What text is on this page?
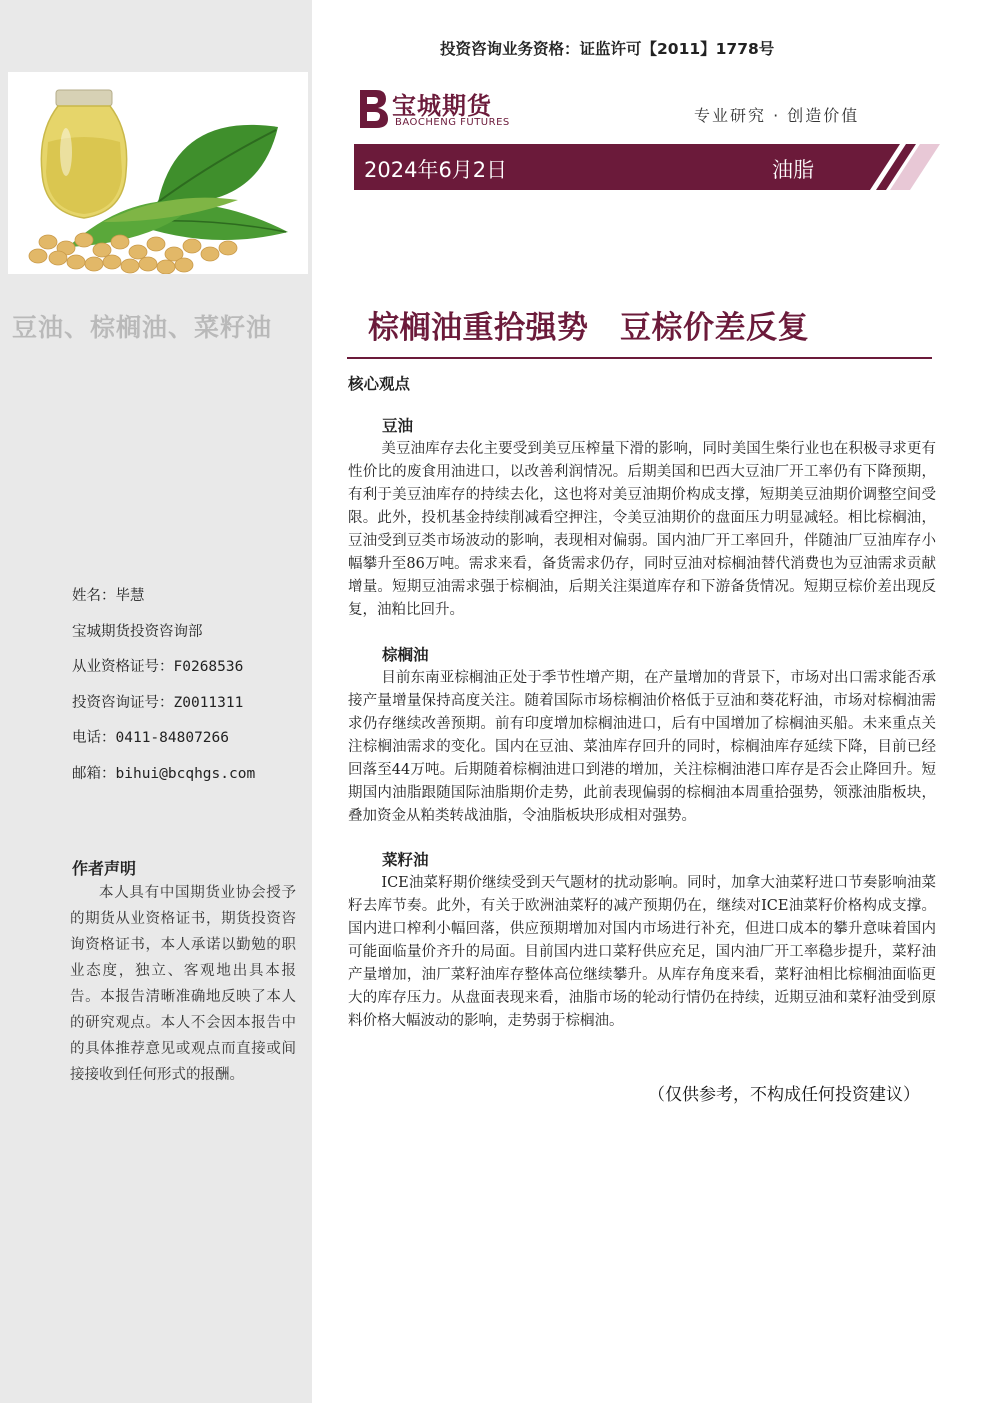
豆油、棕榈油、菜籽油
姓名：毕慧
宝城期货投资咨询部
从业资格证号：F0268536
投资咨询证号：Z0011311
电话：0411-84807266
邮箱：bihui@bcqhgs.com
作者声明
本人具有中国期货业协会授予的期货从业资格证书，期货投资咨询资格证书，本人承诺以勤勉的职业态度，独立、客观地出具本报告。本报告清晰准确地反映了本人的研究观点。本人不会因本报告中的具体推荐意见或观点而直接或间接接收到任何形式的报酬。
投资咨询业务资格：证监许可【2011】1778号
宝城期货
BAOCHENG FUTURES	专业研究 · 创造价值
2024年6月2日	油脂
棕榈油重拾强势　豆棕价差反复
核心观点
豆油
美豆油库存去化主要受到美豆压榨量下滑的影响，同时美国生柴行业也在积极寻求更有性价比的废食用油进口，以改善利润情况。后期美国和巴西大豆油厂开工率仍有下降预期，有利于美豆油库存的持续去化，这也将对美豆油期价构成支撑，短期美豆油期价调整空间受限。此外，投机基金持续削减看空押注，令美豆油期价的盘面压力明显减轻。相比棕榈油，豆油受到豆类市场波动的影响，表现相对偏弱。国内油厂开工率回升，伴随油厂豆油库存小幅攀升至86万吨。需求来看，备货需求仍存，同时豆油对棕榈油替代消费也为豆油需求贡献增量。短期豆油需求强于棕榈油，后期关注渠道库存和下游备货情况。短期豆棕价差出现反复，油粕比回升。
棕榈油
目前东南亚棕榈油正处于季节性增产期，在产量增加的背景下，市场对出口需求能否承接产量增量保持高度关注。随着国际市场棕榈油价格低于豆油和葵花籽油，市场对棕榈油需求仍存继续改善预期。前有印度增加棕榈油进口，后有中国增加了棕榈油买船。未来重点关注棕榈油需求的变化。国内在豆油、菜油库存回升的同时，棕榈油库存延续下降，目前已经回落至44万吨。后期随着棕榈油进口到港的增加，关注棕榈油港口库存是否会止降回升。短期国内油脂跟随国际油脂期价走势，此前表现偏弱的棕榈油本周重拾强势，领涨油脂板块，叠加资金从粕类转战油脂，令油脂板块形成相对强势。
菜籽油
ICE油菜籽期价继续受到天气题材的扰动影响。同时，加拿大油菜籽进口节奏影响油菜籽去库节奏。此外，有关于欧洲油菜籽的减产预期仍在，继续对ICE油菜籽价格构成支撑。国内进口榨利小幅回落，供应预期增加对国内市场进行补充，但进口成本的攀升意味着国内可能面临量价齐升的局面。目前国内进口菜籽供应充足，国内油厂开工率稳步提升，菜籽油产量增加，油厂菜籽油库存整体高位继续攀升。从库存角度来看，菜籽油相比棕榈油面临更大的库存压力。从盘面表现来看，油脂市场的轮动行情仍在持续，近期豆油和菜籽油受到原料价格大幅波动的影响，走势弱于棕榈油。
（仅供参考，不构成任何投资建议）
